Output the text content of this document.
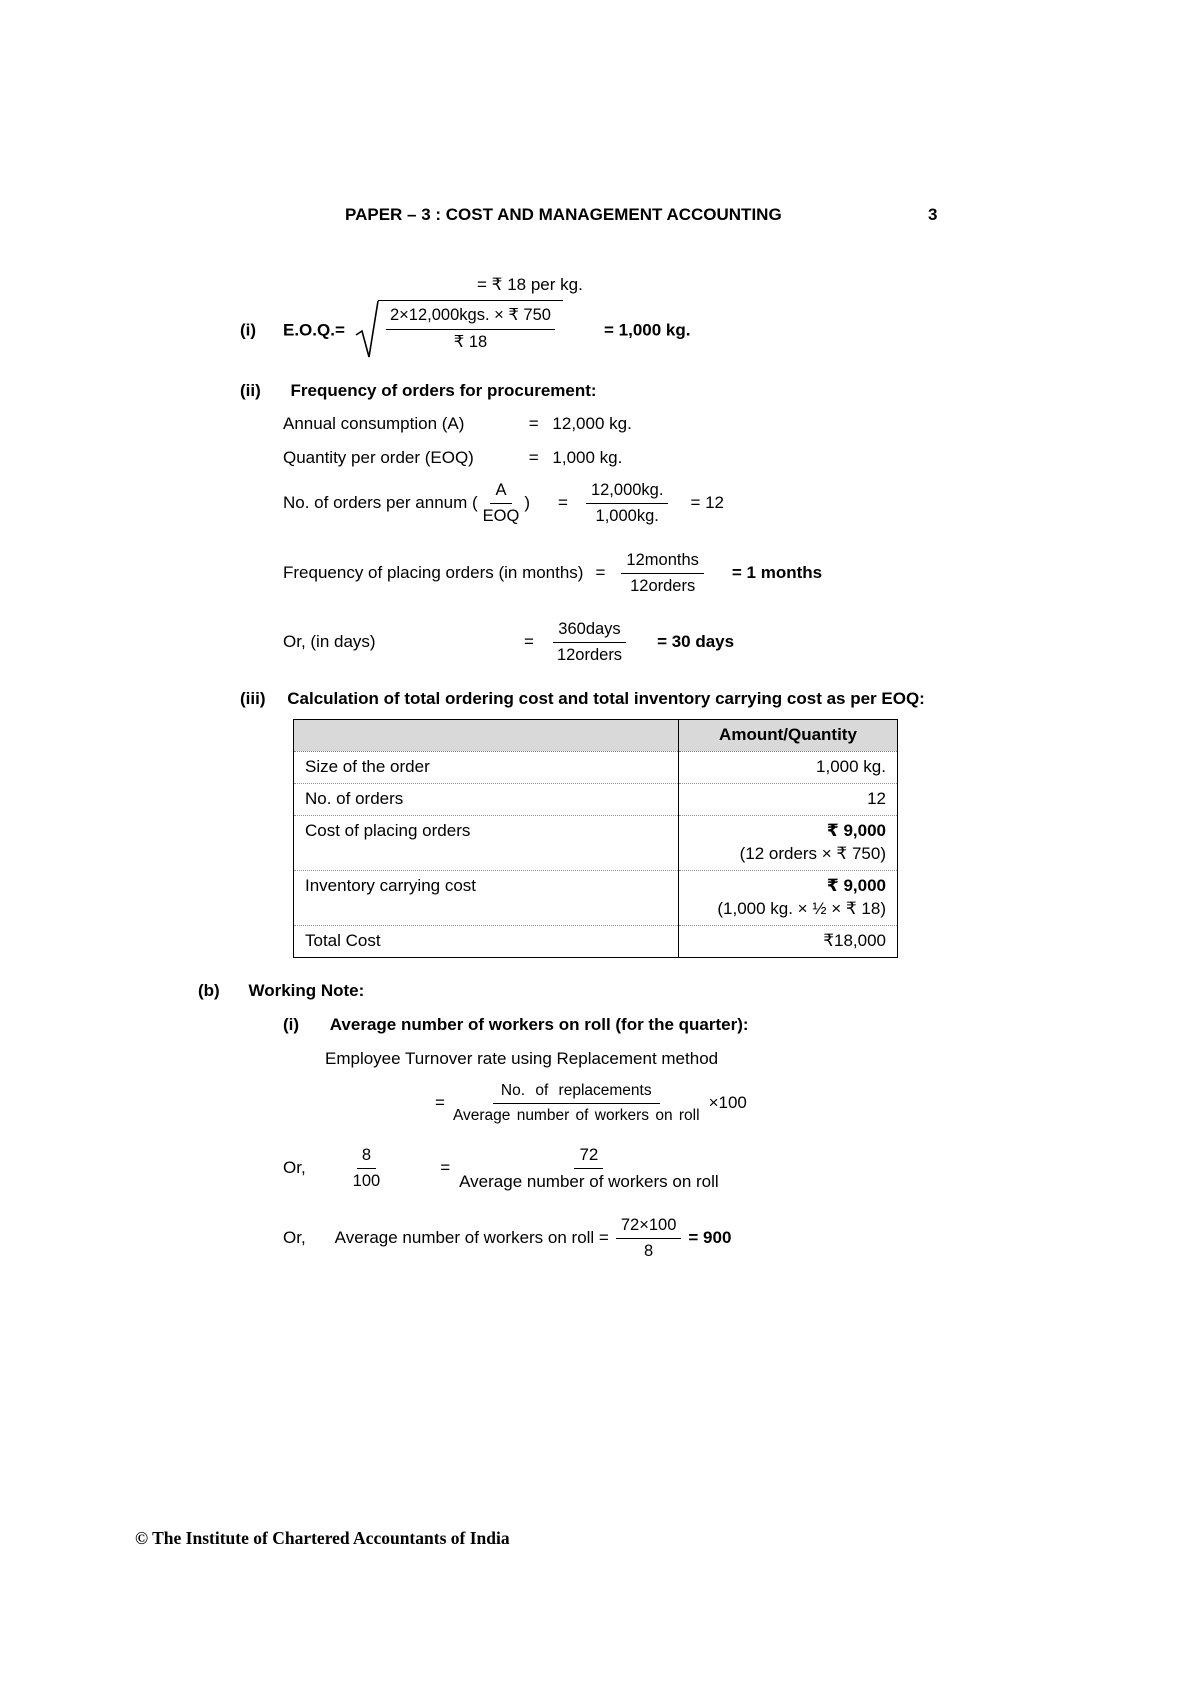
PAPER – 3 : COST AND MANAGEMENT ACCOUNTING	3
= ₹ 18 per kg.
(i) $E.O.Q.= \frac{\text{2×12,000kgs. × ₹ 750}}{₹ 18}$	= 1,000 kg.
(ii) Frequency of orders for procurement:
Annual consumption (A)	= 12,000 kg.
Quantity per order (EOQ)	= 1,000 kg.
No. of orders per annum ( $\frac{A}{\text{EOQ}}$ ) = $\frac{12,000kg.}{1,000kg.} = 12$
Frequency of placing orders (in months) = $\frac{\text{12months}}{\text{12orders}} = 1$ months
Or, (in days)	= $\frac{\text{360days}}{\text{12orders}} = 30$ days
(iii) Calculation of total ordering cost and total inventory carrying cost as per EOQ:
	Amount/Quantity
Size of the order	1,000 kg.
No. of orders	12
Cost of placing orders	₹ 9,000
(12 orders × ₹ 750)
Inventory carrying cost	₹ 9,000
(1,000 kg. × ½ × ₹ 18)
Total Cost	₹18,000
(b) Working Note:
(i) Average number of workers on roll (for the quarter):
Employee Turnover rate using Replacement method
= $\frac{\text{No. of replacements}}{\text{Average number of workers on roll}} \times 100$
Or,	$\frac{8}{100}$	= $\frac{72}{\text{Average number of workers on roll}}$
Or, Average number of workers on roll = $\frac{72\times 100}{8} = 900$
© The Institute of Chartered Accountants of India
